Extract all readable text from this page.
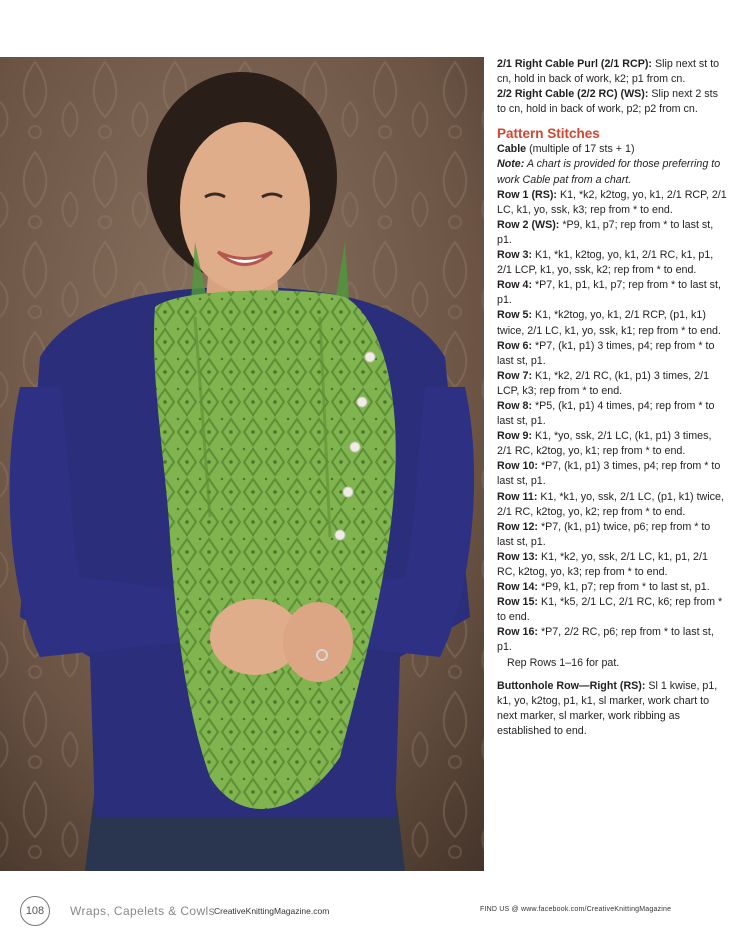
2/1 Right Cable Purl (2/1 RCP): Slip next st to cn, hold in back of work, k2; p1 from cn.

2/2 Right Cable (2/2 RC) (WS): Slip next 2 sts to cn, hold in back of work, p2; p2 from cn.

Pattern Stitches

Cable (multiple of 17 sts + 1)

Note: A chart is provided for those preferring to work Cable pat from a chart.

Row 1 (RS): K1, *k2, k2tog, yo, k1, 2/1 RCP, 2/1 LC, k1, yo, ssk, k3; rep from * to end.

Row 2 (WS): *P9, k1, p7; rep from * to last st, p1.

Row 3: K1, *k1, k2tog, yo, k1, 2/1 RC, k1, p1, 2/1 LCP, k1, yo, ssk, k2; rep from * to end.

Row 4: *P7, k1, p1, k1, p7; rep from * to last st, p1.

Row 5: K1, *k2tog, yo, k1, 2/1 RCP, (p1, k1) twice, 2/1 LC, k1, yo, ssk, k1; rep from * to end.

Row 6: *P7, (k1, p1) 3 times, p4; rep from * to last st, p1.

Row 7: K1, *k2, 2/1 RC, (k1, p1) 3 times, 2/1 LCP, k3; rep from * to end.

Row 8: *P5, (k1, p1) 4 times, p4; rep from * to last st, p1.

Row 9: K1, *yo, ssk, 2/1 LC, (k1, p1) 3 times, 2/1 RC, k2tog, yo, k1; rep from * to end.

Row 10: *P7, (k1, p1) 3 times, p4; rep from * to last st, p1.

Row 11: K1, *k1, yo, ssk, 2/1 LC, (p1, k1) twice, 2/1 RC, k2tog, yo, k2; rep from * to end.

Row 12: *P7, (k1, p1) twice, p6; rep from * to last st, p1.

Row 13: K1, *k2, yo, ssk, 2/1 LC, k1, p1, 2/1 RC, k2tog, yo, k3; rep from * to end.

Row 14: *P9, k1, p7; rep from * to last st, p1.

Row 15: K1, *k5, 2/1 LC, 2/1 RC, k6; rep from * to end.

Row 16: *P7, 2/2 RC, p6; rep from * to last st, p1.

Rep Rows 1–16 for pat.

Buttonhole Row—Right (RS): Sl 1 kwise, p1, k1, yo, k2tog, p1, k1, sl marker, work chart to next marker, sl marker, work ribbing as established to end.

108	Wraps, Capelets & Cowls
CreativeKnittingMagazine.com	FIND US @ www.facebook.com/CreativeKnittingMagazine
